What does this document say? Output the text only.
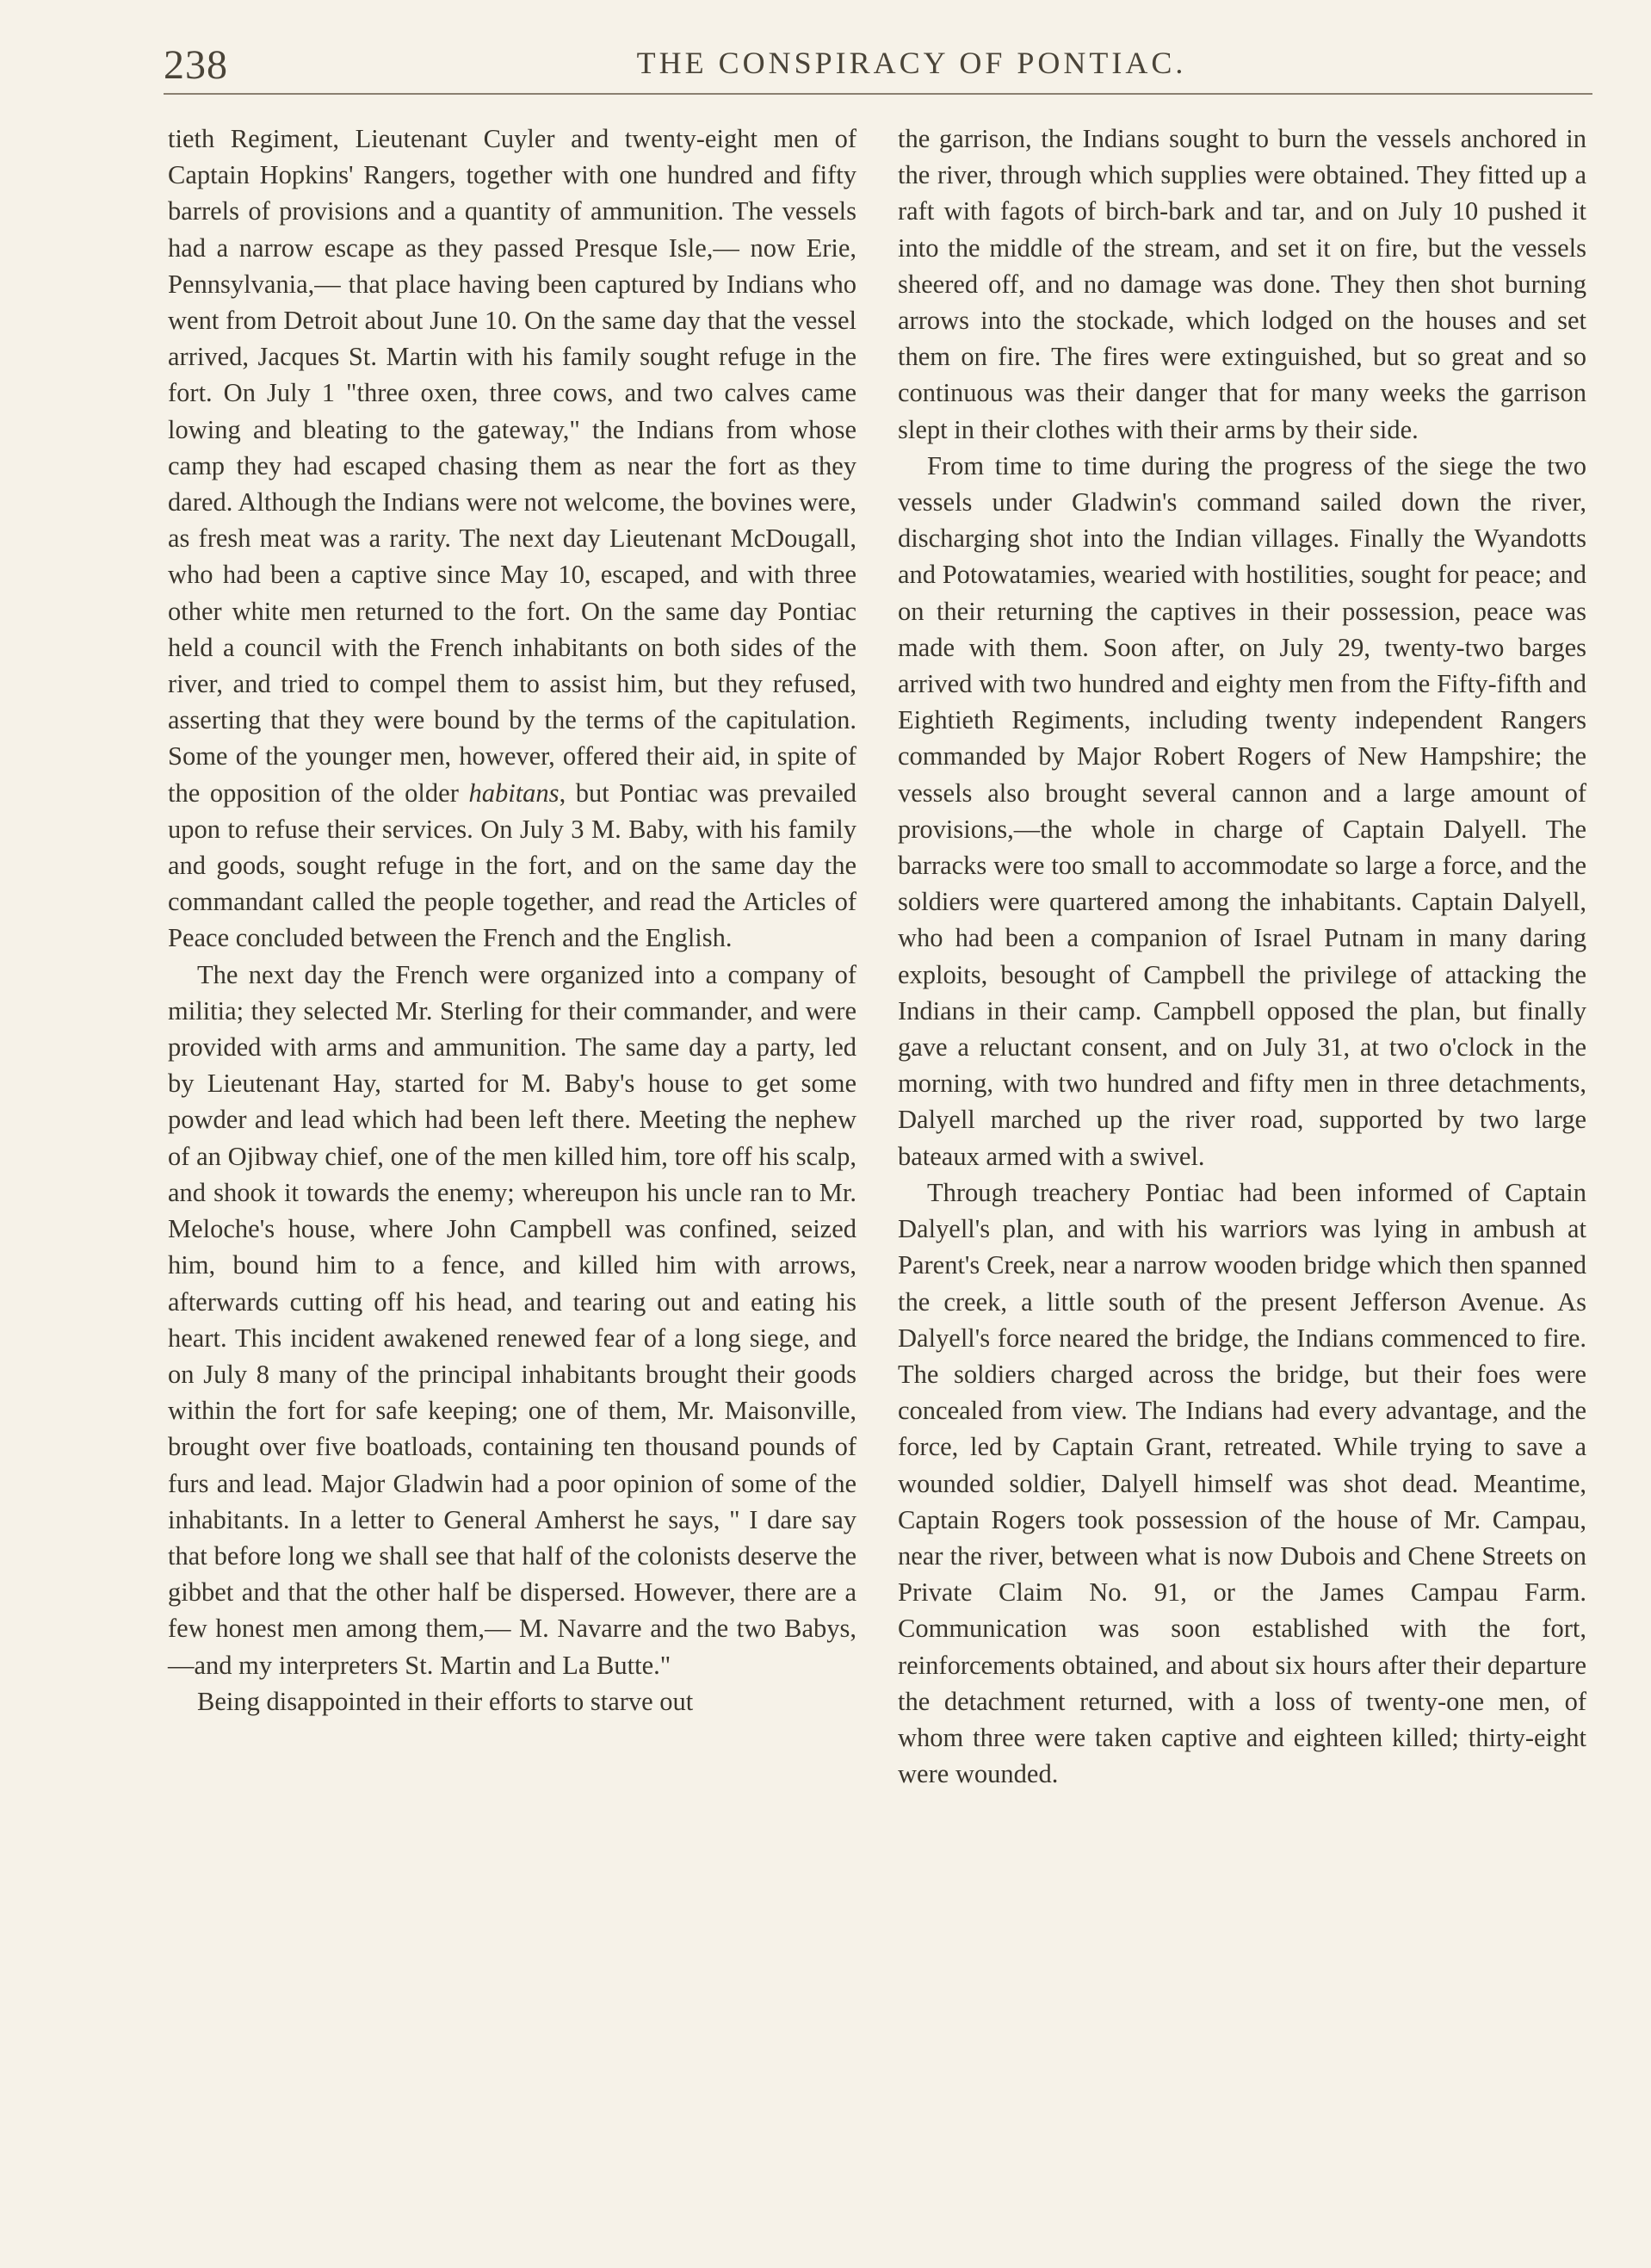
238	THE CONSPIRACY OF PONTIAC.

tieth Regiment, Lieutenant Cuyler and twenty-eight men of Captain Hopkins' Rangers, together with one hundred and fifty barrels of provisions and a quantity of ammunition. The vessels had a narrow escape as they passed Presque Isle,— now Erie, Pennsylvania,— that place having been captured by Indians who went from Detroit about June 10. On the same day that the vessel arrived, Jacques St. Martin with his family sought refuge in the fort. On July 1 "three oxen, three cows, and two calves came lowing and bleating to the gateway," the Indians from whose camp they had escaped chasing them as near the fort as they dared. Although the Indians were not welcome, the bovines were, as fresh meat was a rarity. The next day Lieutenant McDougall, who had been a captive since May 10, escaped, and with three other white men returned to the fort. On the same day Pontiac held a council with the French inhabitants on both sides of the river, and tried to compel them to assist him, but they refused, asserting that they were bound by the terms of the capitulation. Some of the younger men, however, offered their aid, in spite of the opposition of the older habitans, but Pontiac was prevailed upon to refuse their services. On July 3 M. Baby, with his family and goods, sought refuge in the fort, and on the same day the commandant called the people together, and read the Articles of Peace concluded between the French and the English.

The next day the French were organized into a company of militia; they selected Mr. Sterling for their commander, and were provided with arms and ammunition. The same day a party, led by Lieutenant Hay, started for M. Baby's house to get some powder and lead which had been left there. Meeting the nephew of an Ojibway chief, one of the men killed him, tore off his scalp, and shook it towards the enemy; whereupon his uncle ran to Mr. Meloche's house, where John Campbell was confined, seized him, bound him to a fence, and killed him with arrows, afterwards cutting off his head, and tearing out and eating his heart. This incident awakened renewed fear of a long siege, and on July 8 many of the principal inhabitants brought their goods within the fort for safe keeping; one of them, Mr. Maisonville, brought over five boatloads, containing ten thousand pounds of furs and lead. Major Gladwin had a poor opinion of some of the inhabitants. In a letter to General Amherst he says, " I dare say that before long we shall see that half of the colonists deserve the gibbet and that the other half be dispersed. However, there are a few honest men among them,— M. Navarre and the two Babys,—and my interpreters St. Martin and La Butte."

Being disappointed in their efforts to starve out

the garrison, the Indians sought to burn the vessels anchored in the river, through which supplies were obtained. They fitted up a raft with fagots of birch-bark and tar, and on July 10 pushed it into the middle of the stream, and set it on fire, but the vessels sheered off, and no damage was done. They then shot burning arrows into the stockade, which lodged on the houses and set them on fire. The fires were extinguished, but so great and so continuous was their danger that for many weeks the garrison slept in their clothes with their arms by their side.

From time to time during the progress of the siege the two vessels under Gladwin's command sailed down the river, discharging shot into the Indian villages. Finally the Wyandotts and Potowatamies, wearied with hostilities, sought for peace; and on their returning the captives in their possession, peace was made with them. Soon after, on July 29, twenty-two barges arrived with two hundred and eighty men from the Fifty-fifth and Eightieth Regiments, including twenty independent Rangers commanded by Major Robert Rogers of New Hampshire; the vessels also brought several cannon and a large amount of provisions,—the whole in charge of Captain Dalyell. The barracks were too small to accommodate so large a force, and the soldiers were quartered among the inhabitants. Captain Dalyell, who had been a companion of Israel Putnam in many daring exploits, besought of Campbell the privilege of attacking the Indians in their camp. Campbell opposed the plan, but finally gave a reluctant consent, and on July 31, at two o'clock in the morning, with two hundred and fifty men in three detachments, Dalyell marched up the river road, supported by two large bateaux armed with a swivel.

Through treachery Pontiac had been informed of Captain Dalyell's plan, and with his warriors was lying in ambush at Parent's Creek, near a narrow wooden bridge which then spanned the creek, a little south of the present Jefferson Avenue. As Dalyell's force neared the bridge, the Indians commenced to fire. The soldiers charged across the bridge, but their foes were concealed from view. The Indians had every advantage, and the force, led by Captain Grant, retreated. While trying to save a wounded soldier, Dalyell himself was shot dead. Meantime, Captain Rogers took possession of the house of Mr. Campau, near the river, between what is now Dubois and Chene Streets on Private Claim No. 91, or the James Campau Farm. Communication was soon established with the fort, reinforcements obtained, and about six hours after their departure the detachment returned, with a loss of twenty-one men, of whom three were taken captive and eighteen killed; thirty-eight were wounded.
